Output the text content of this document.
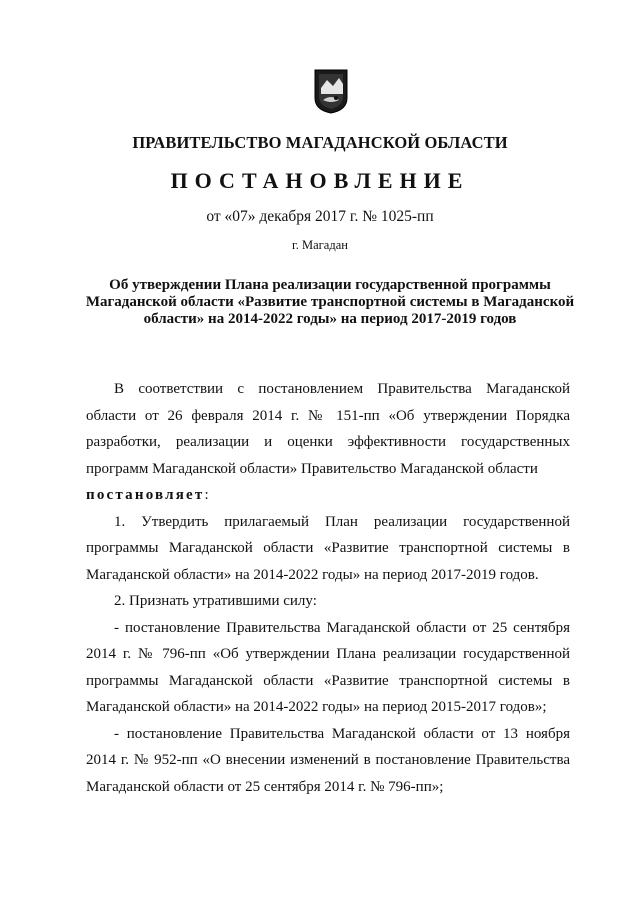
ПРАВИТЕЛЬСТВО МАГАДАНСКОЙ ОБЛАСТИ
ПОСТАНОВЛЕНИЕ
от «07» декабря 2017 г. № 1025-пп
г. Магадан
Об утверждении Плана реализации государственной программы Магаданской области «Развитие транспортной системы в Магаданской области» на 2014-2022 годы» на период 2017-2019 годов

В соответствии с постановлением Правительства Магаданской области от 26 февраля 2014 г. № 151-пп «Об утверждении Порядка разработки, реализации и оценки эффективности государственных программ Магаданской области» Правительство Магаданской области

постановляет:

1. Утвердить прилагаемый План реализации государственной программы Магаданской области «Развитие транспортной системы в Магаданской области» на 2014-2022 годы» на период 2017-2019 годов.

2. Признать утратившими силу:

- постановление Правительства Магаданской области от 25 сентября 2014 г. № 796-пп «Об утверждении Плана реализации государственной программы Магаданской области «Развитие транспортной системы в Магаданской области» на 2014-2022 годы» на период 2015-2017 годов»;

- постановление Правительства Магаданской области от 13 ноября 2014 г. № 952-пп «О внесении изменений в постановление Правительства Магаданской области от 25 сентября 2014 г. № 796-пп»;
